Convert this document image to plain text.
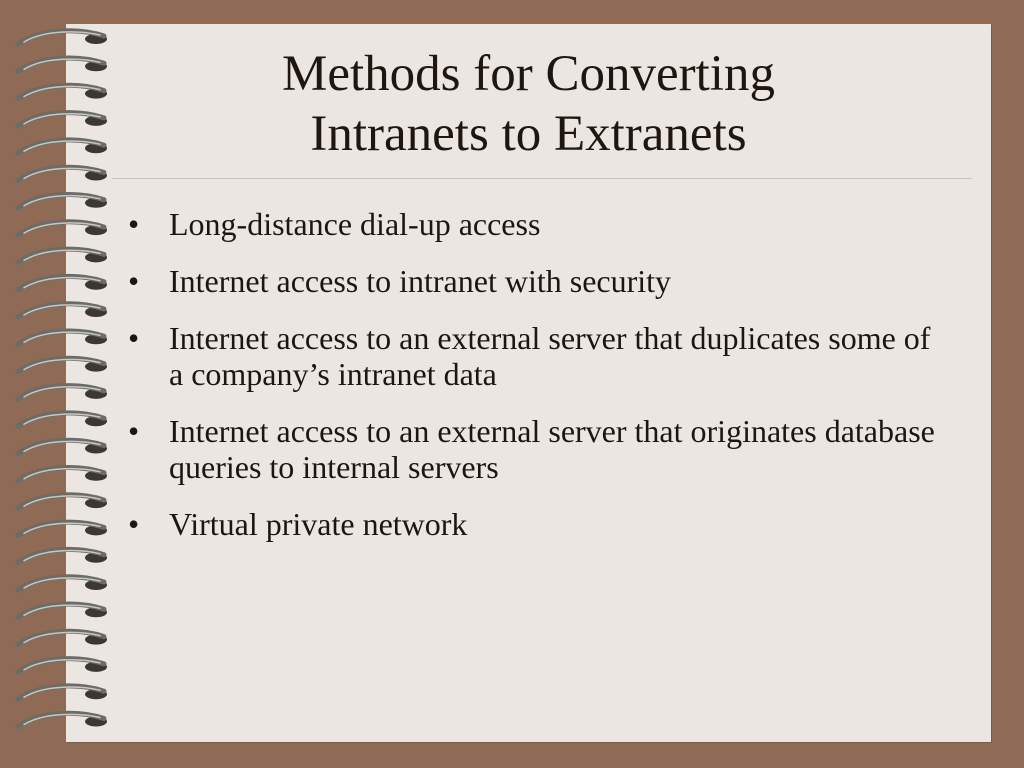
Methods for Converting
Intranets to Extranets
• Long-distance dial-up access
• Internet access to intranet with security
• Internet access to an external server that duplicates some of a company’s intranet data
• Internet access to an external server that originates database queries to internal servers
• Virtual private network
